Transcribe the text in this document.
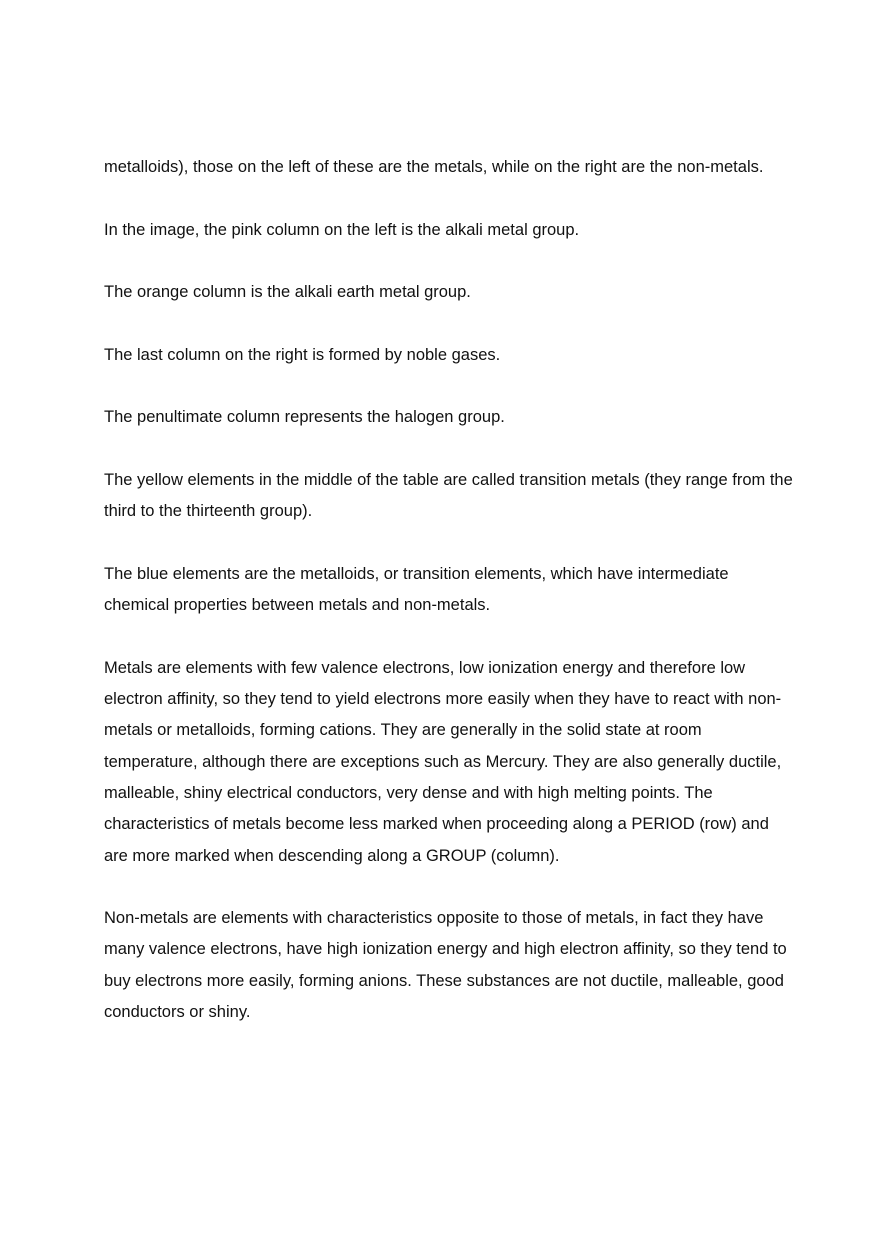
metalloids), those on the left of these are the metals, while on the right are the non-metals.

In the image, the pink column on the left is the alkali metal group.

The orange column is the alkali earth metal group.

The last column on the right is formed by noble gases.

The penultimate column represents the halogen group.

The yellow elements in the middle of the table are called transition metals (they range from the third to the thirteenth group).

The blue elements are the metalloids, or transition elements, which have intermediate chemical properties between metals and non-metals.

Metals are elements with few valence electrons, low ionization energy and therefore low electron affinity, so they tend to yield electrons more easily when they have to react with non-metals or metalloids, forming cations. They are generally in the solid state at room temperature, although there are exceptions such as Mercury. They are also generally ductile, malleable, shiny electrical conductors, very dense and with high melting points. The characteristics of metals become less marked when proceeding along a PERIOD (row) and are more marked when descending along a GROUP (column).

Non-metals are elements with characteristics opposite to those of metals, in fact they have many valence electrons, have high ionization energy and high electron affinity, so they tend to buy electrons more easily, forming anions. These substances are not ductile, malleable, good conductors or shiny.
